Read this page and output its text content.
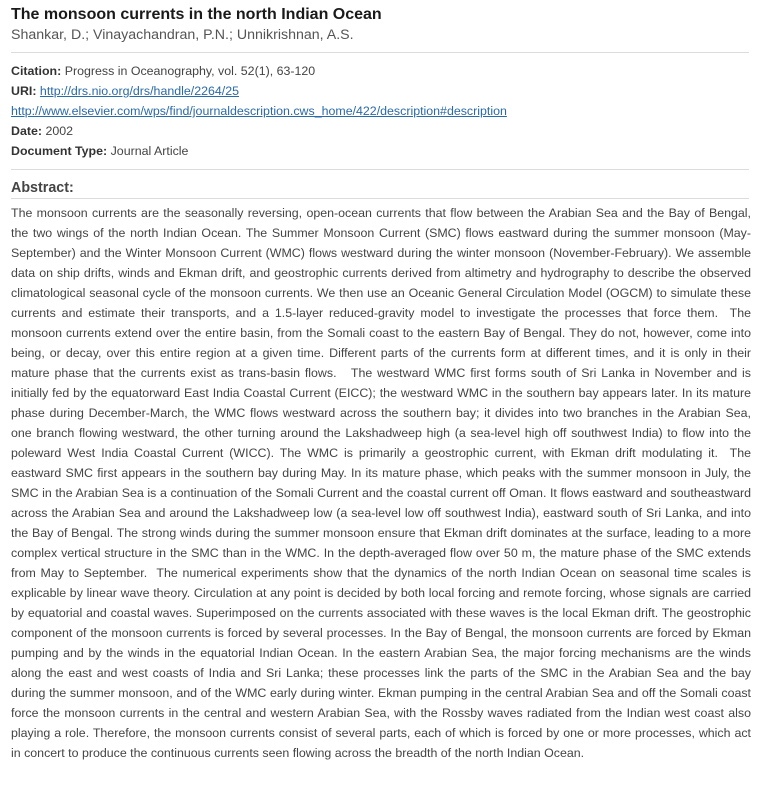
The monsoon currents in the north Indian Ocean
Shankar, D.; Vinayachandran, P.N.; Unnikrishnan, A.S.
Citation: Progress in Oceanography, vol. 52(1), 63-120
URI: http://drs.nio.org/drs/handle/2264/25
http://www.elsevier.com/wps/find/journaldescription.cws_home/422/description#description
Date: 2002
Document Type: Journal Article
Abstract:
The monsoon currents are the seasonally reversing, open-ocean currents that flow between the Arabian Sea and the Bay of Bengal, the two wings of the north Indian Ocean. The Summer Monsoon Current (SMC) flows eastward during the summer monsoon (May-September) and the Winter Monsoon Current (WMC) flows westward during the winter monsoon (November-February). We assemble data on ship drifts, winds and Ekman drift, and geostrophic currents derived from altimetry and hydrography to describe the observed climatological seasonal cycle of the monsoon currents. We then use an Oceanic General Circulation Model (OGCM) to simulate these currents and estimate their transports, and a 1.5-layer reduced-gravity model to investigate the processes that force them.  The monsoon currents extend over the entire basin, from the Somali coast to the eastern Bay of Bengal. They do not, however, come into being, or decay, over this entire region at a given time. Different parts of the currents form at different times, and it is only in their mature phase that the currents exist as trans-basin flows.   The westward WMC first forms south of Sri Lanka in November and is initially fed by the equatorward East India Coastal Current (EICC); the westward WMC in the southern bay appears later. In its mature phase during December-March, the WMC flows westward across the southern bay; it divides into two branches in the Arabian Sea, one branch flowing westward, the other turning around the Lakshadweep high (a sea-level high off southwest India) to flow into the poleward West India Coastal Current (WICC). The WMC is primarily a geostrophic current, with Ekman drift modulating it.  The eastward SMC first appears in the southern bay during May. In its mature phase, which peaks with the summer monsoon in July, the SMC in the Arabian Sea is a continuation of the Somali Current and the coastal current off Oman. It flows eastward and southeastward across the Arabian Sea and around the Lakshadweep low (a sea-level low off southwest India), eastward south of Sri Lanka, and into the Bay of Bengal. The strong winds during the summer monsoon ensure that Ekman drift dominates at the surface, leading to a more complex vertical structure in the SMC than in the WMC. In the depth-averaged flow over 50 m, the mature phase of the SMC extends from May to September.  The numerical experiments show that the dynamics of the north Indian Ocean on seasonal time scales is explicable by linear wave theory. Circulation at any point is decided by both local forcing and remote forcing, whose signals are carried by equatorial and coastal waves. Superimposed on the currents associated with these waves is the local Ekman drift. The geostrophic component of the monsoon currents is forced by several processes. In the Bay of Bengal, the monsoon currents are forced by Ekman pumping and by the winds in the equatorial Indian Ocean. In the eastern Arabian Sea, the major forcing mechanisms are the winds along the east and west coasts of India and Sri Lanka; these processes link the parts of the SMC in the Arabian Sea and the bay during the summer monsoon, and of the WMC early during winter. Ekman pumping in the central Arabian Sea and off the Somali coast force the monsoon currents in the central and western Arabian Sea, with the Rossby waves radiated from the Indian west coast also playing a role. Therefore, the monsoon currents consist of several parts, each of which is forced by one or more processes, which act in concert to produce the continuous currents seen flowing across the breadth of the north Indian Ocean.
